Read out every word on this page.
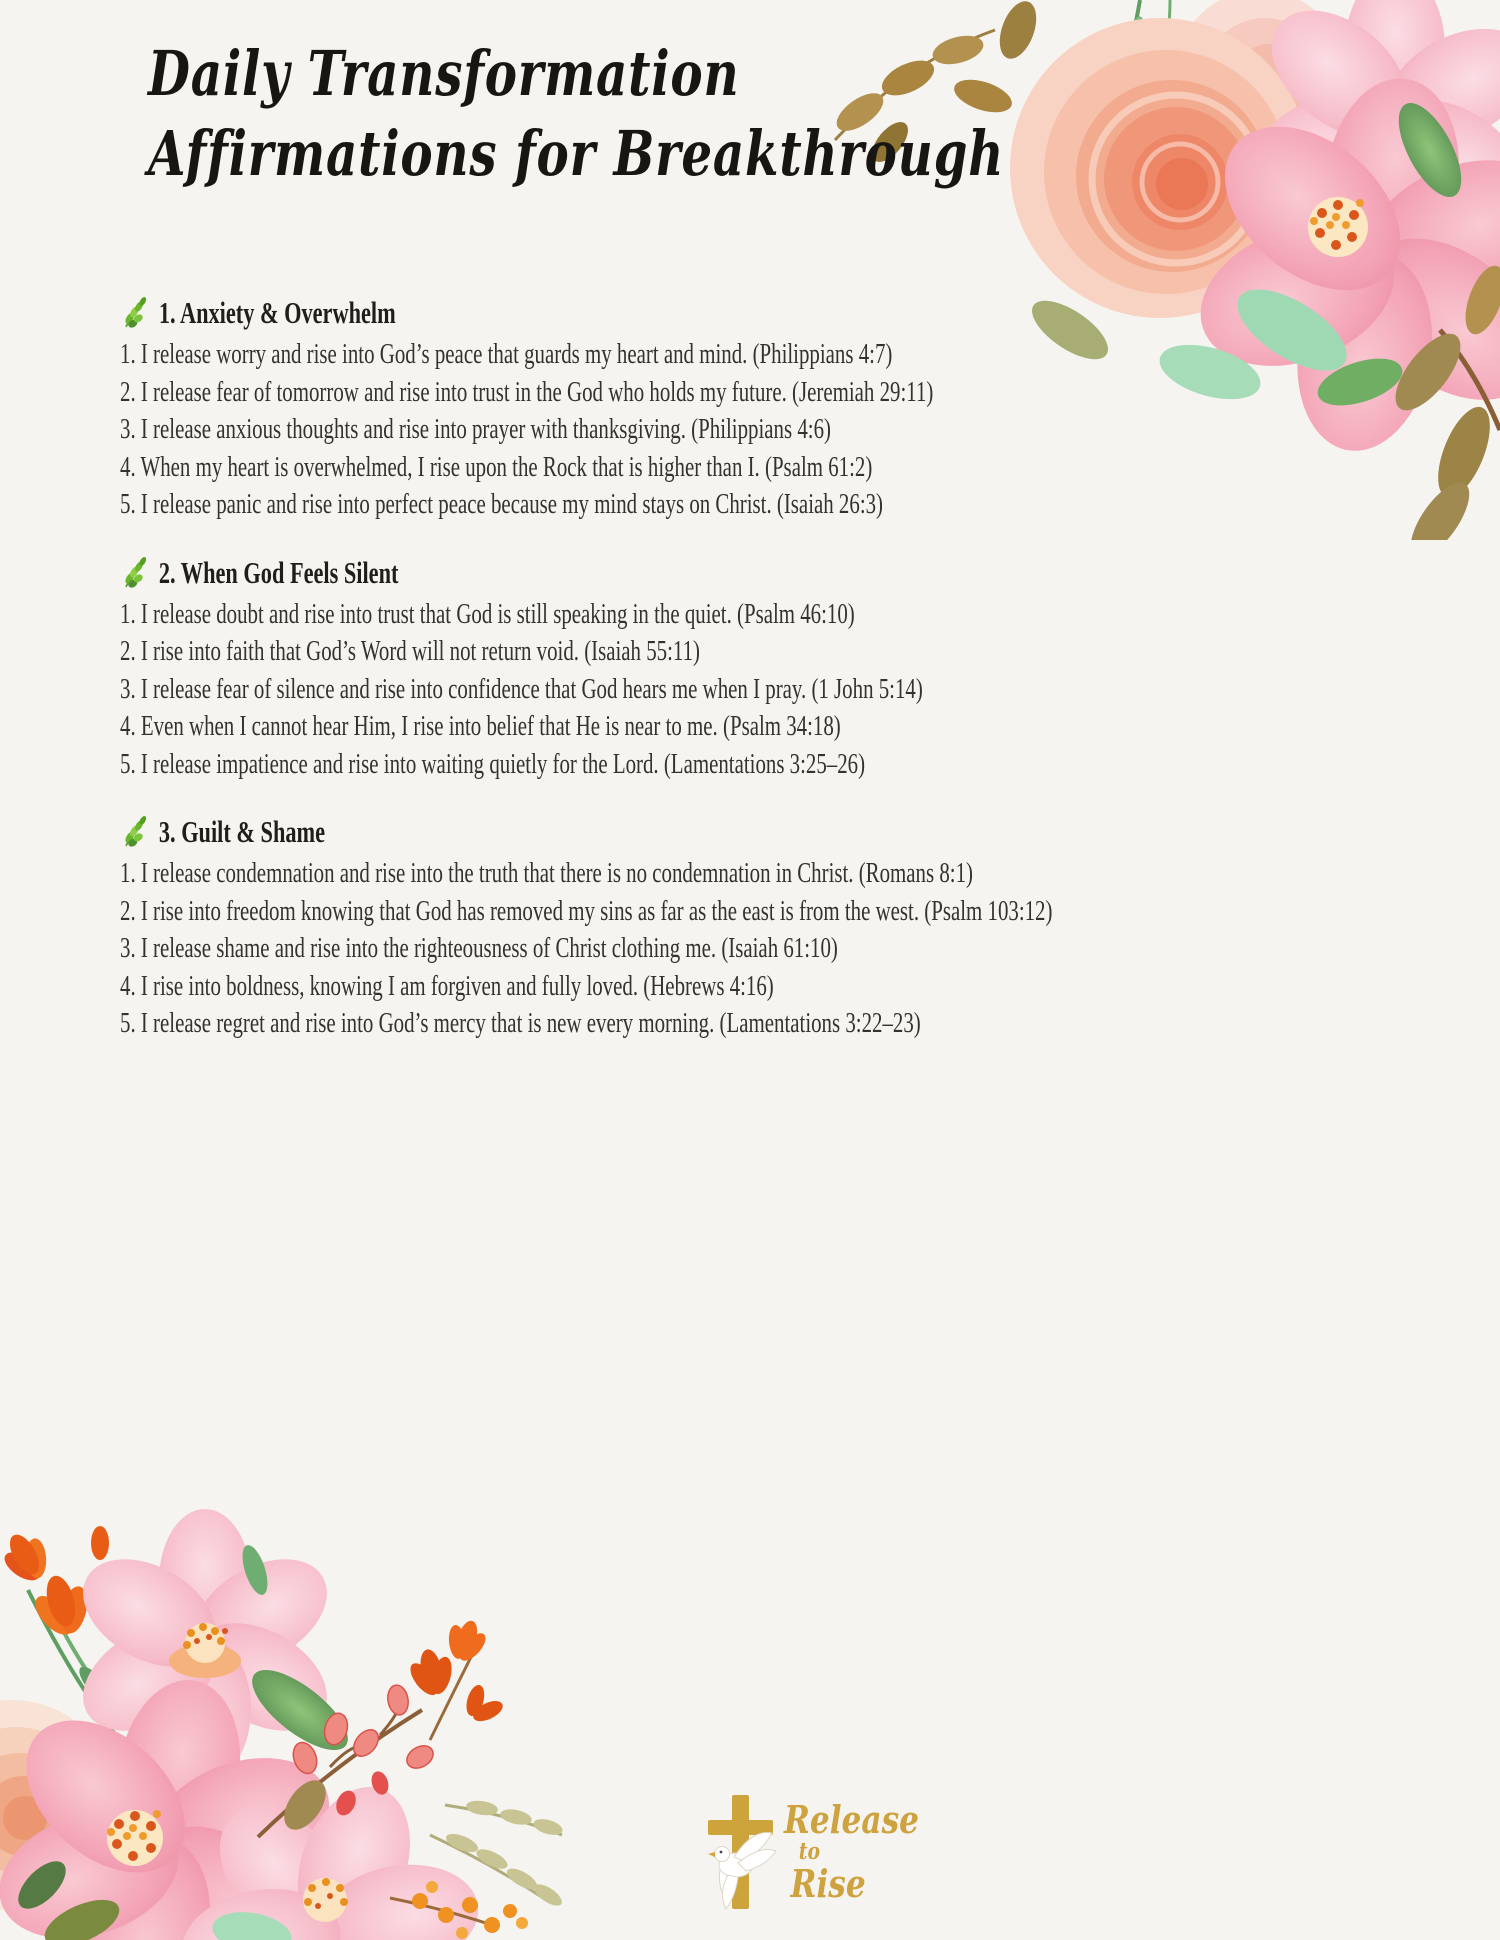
Daily Transformation
Affirmations for Breakthrough
1. Anxiety & Overwhelm

1. I release worry and rise into God’s peace that guards my heart and mind. (Philippians 4:7)

2. I release fear of tomorrow and rise into trust in the God who holds my future. (Jeremiah 29:11)

3. I release anxious thoughts and rise into prayer with thanksgiving. (Philippians 4:6)

4. When my heart is overwhelmed, I rise upon the Rock that is higher than I. (Psalm 61:2)

5. I release panic and rise into perfect peace because my mind stays on Christ. (Isaiah 26:3)

2. When God Feels Silent

1. I release doubt and rise into trust that God is still speaking in the quiet. (Psalm 46:10)

2. I rise into faith that God’s Word will not return void. (Isaiah 55:11)

3. I release fear of silence and rise into confidence that God hears me when I pray. (1 John 5:14)

4. Even when I cannot hear Him, I rise into belief that He is near to me. (Psalm 34:18)

5. I release impatience and rise into waiting quietly for the Lord. (Lamentations 3:25–26)

3. Guilt & Shame

1. I release condemnation and rise into the truth that there is no condemnation in Christ. (Romans 8:1)

2. I rise into freedom knowing that God has removed my sins as far as the east is from the west. (Psalm 103:12)

3. I release shame and rise into the righteousness of Christ clothing me. (Isaiah 61:10)

4. I rise into boldness, knowing I am forgiven and fully loved. (Hebrews 4:16)

5. I release regret and rise into God’s mercy that is new every morning. (Lamentations 3:22–23)

Release
to
Rise
